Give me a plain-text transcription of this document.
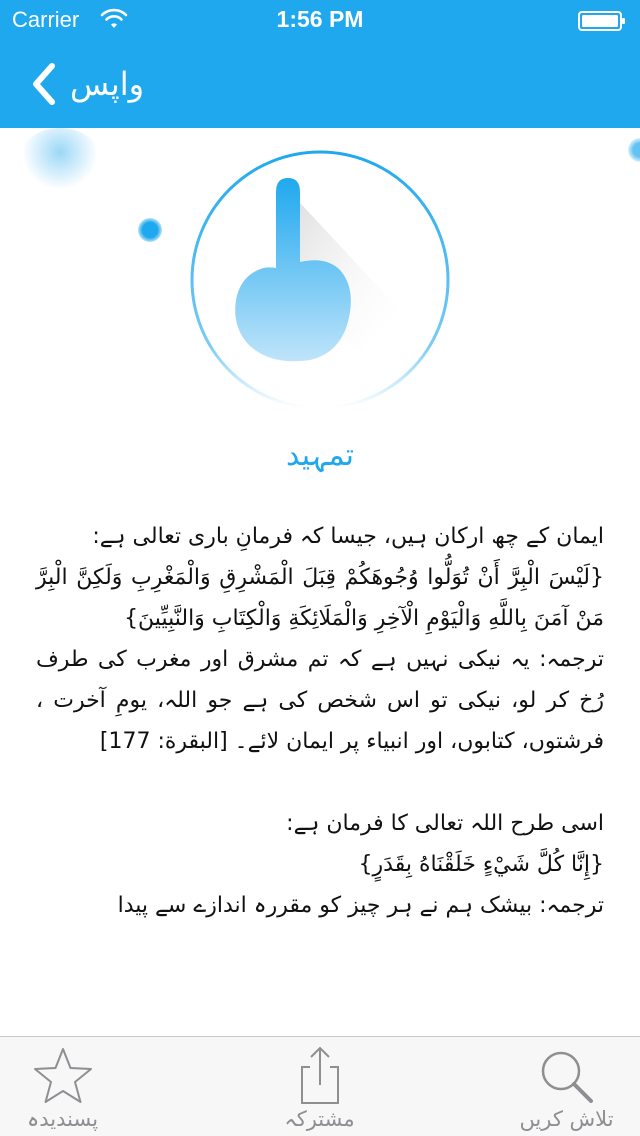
Carrier	1:56 PM
واپس
تمہید

ایمان کے چھ ارکان ہیں، جیسا کہ فرمانِ باری تعالی ہے:

{لَيْسَ الْبِرَّ أَنْ تُوَلُّوا وُجُوهَكُمْ قِبَلَ الْمَشْرِقِ وَالْمَغْرِبِ وَلَكِنَّ الْبِرَّ مَنْ آمَنَ بِاللَّهِ وَالْيَوْمِ الْآخِرِ وَالْمَلَائِكَةِ وَالْكِتَابِ وَالنَّبِيِّينَ}

ترجمہ: یہ نیکی نہیں ہے کہ تم مشرق اور مغرب کی طرف رُخ کر لو، نیکی تو اس شخص کی ہے جو اللہ، یومِ آخرت ، فرشتوں، کتابوں، اور انبیاء پر ایمان لائے۔ [البقرة: 177]

اسی طرح اللہ تعالی کا فرمان ہے:

{إِنَّا كُلَّ شَيْءٍ خَلَقْنَاهُ بِقَدَرٍ}

ترجمہ: بیشک ہم نے ہر چیز کو مقررہ اندازے سے پیدا

پسندیدہ	مشترکہ	تلاش کریں
